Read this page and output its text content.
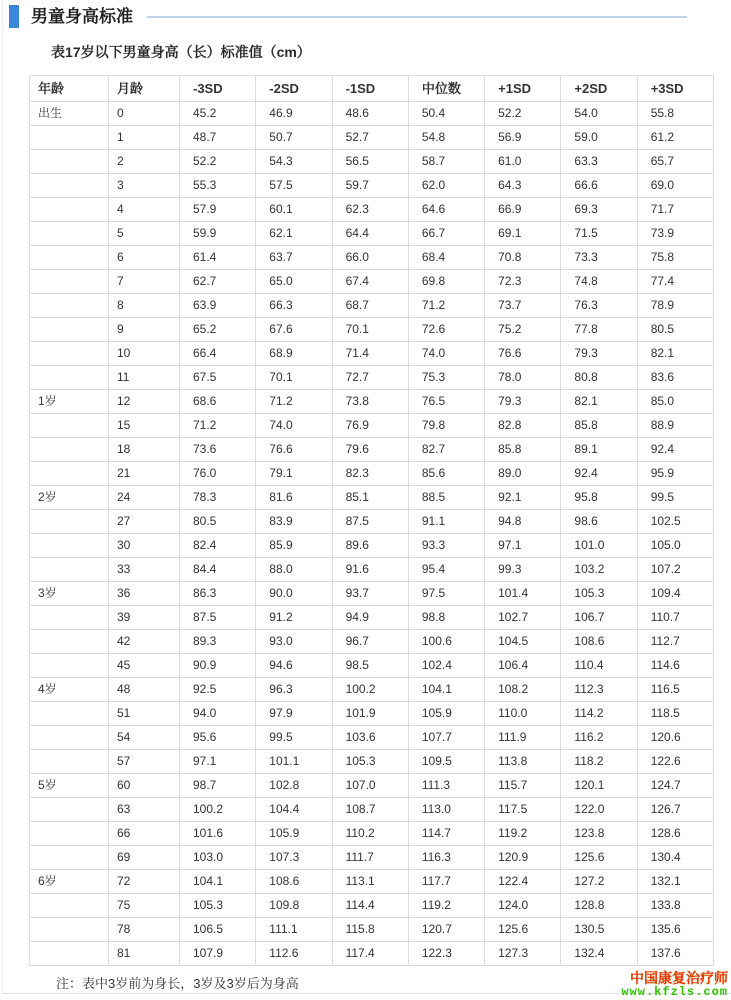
男童身高标准
表17岁以下男童身高（长）标准值（cm）
年龄	月龄	-3SD	-2SD	-1SD	中位数	+1SD	+2SD	+3SD
出生	0	45.2	46.9	48.6	50.4	52.2	54.0	55.8
	1	48.7	50.7	52.7	54.8	56.9	59.0	61.2
	2	52.2	54.3	56.5	58.7	61.0	63.3	65.7
	3	55.3	57.5	59.7	62.0	64.3	66.6	69.0
	4	57.9	60.1	62.3	64.6	66.9	69.3	71.7
	5	59.9	62.1	64.4	66.7	69.1	71.5	73.9
	6	61.4	63.7	66.0	68.4	70.8	73.3	75.8
	7	62.7	65.0	67.4	69.8	72.3	74.8	77.4
	8	63.9	66.3	68.7	71.2	73.7	76.3	78.9
	9	65.2	67.6	70.1	72.6	75.2	77.8	80.5
	10	66.4	68.9	71.4	74.0	76.6	79.3	82.1
	11	67.5	70.1	72.7	75.3	78.0	80.8	83.6
1岁	12	68.6	71.2	73.8	76.5	79.3	82.1	85.0
	15	71.2	74.0	76.9	79.8	82.8	85.8	88.9
	18	73.6	76.6	79.6	82.7	85.8	89.1	92.4
	21	76.0	79.1	82.3	85.6	89.0	92.4	95.9
2岁	24	78.3	81.6	85.1	88.5	92.1	95.8	99.5
	27	80.5	83.9	87.5	91.1	94.8	98.6	102.5
	30	82.4	85.9	89.6	93.3	97.1	101.0	105.0
	33	84.4	88.0	91.6	95.4	99.3	103.2	107.2
3岁	36	86.3	90.0	93.7	97.5	101.4	105.3	109.4
	39	87.5	91.2	94.9	98.8	102.7	106.7	110.7
	42	89.3	93.0	96.7	100.6	104.5	108.6	112.7
	45	90.9	94.6	98.5	102.4	106.4	110.4	114.6
4岁	48	92.5	96.3	100.2	104.1	108.2	112.3	116.5
	51	94.0	97.9	101.9	105.9	110.0	114.2	118.5
	54	95.6	99.5	103.6	107.7	111.9	116.2	120.6
	57	97.1	101.1	105.3	109.5	113.8	118.2	122.6
5岁	60	98.7	102.8	107.0	111.3	115.7	120.1	124.7
	63	100.2	104.4	108.7	113.0	117.5	122.0	126.7
	66	101.6	105.9	110.2	114.7	119.2	123.8	128.6
	69	103.0	107.3	111.7	116.3	120.9	125.6	130.4
6岁	72	104.1	108.6	113.1	117.7	122.4	127.2	132.1
	75	105.3	109.8	114.4	119.2	124.0	128.8	133.8
	78	106.5	111.1	115.8	120.7	125.6	130.5	135.6
	81	107.9	112.6	117.4	122.3	127.3	132.4	137.6
注：表中3岁前为身长，3岁及3岁后为身高	中国康复治疗师
www.kfzls.com
